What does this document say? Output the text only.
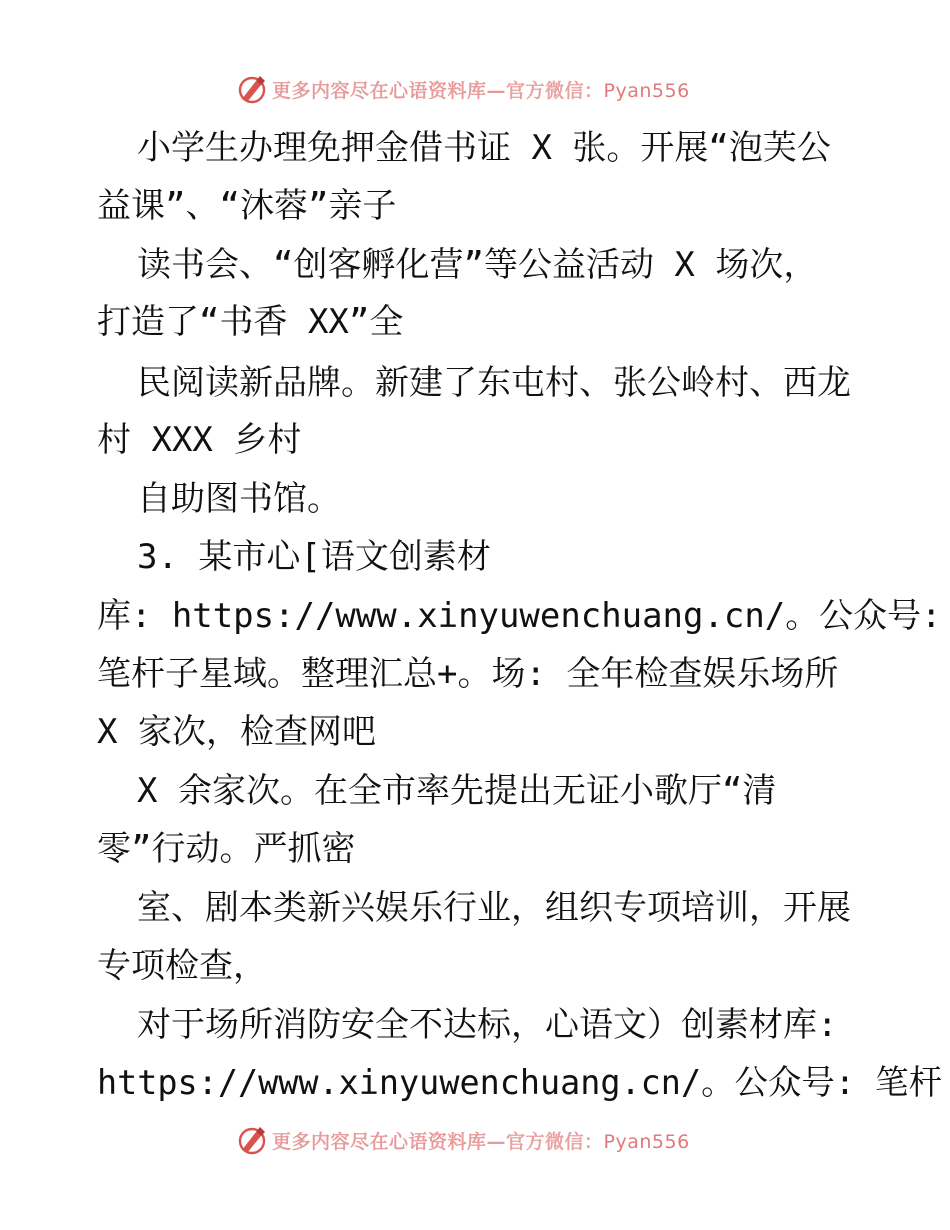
更多内容尽在心语资料库—官方微信：Pyan556
小学生办理免押金借书证 X 张。开展“泡芙公
益课”、“沐蓉”亲子
读书会、“创客孵化营”等公益活动 X 场次，
打造了“书香 XX”全
民阅读新品牌。新建了东屯村、张公岭村、西龙
村 XXX 乡村
自助图书馆。
3. 某市心[语文创素材
库: https://www.xinyuwenchuang.cn/。公众号:
笔杆子星域。整理汇总+。场: 全年检查娱乐场所
X 家次，检查网吧
X 余家次。在全市率先提出无证小歌厅“清
零”行动。严抓密
室、剧本类新兴娱乐行业，组织专项培训，开展
专项检查，
对于场所消防安全不达标，心语文）创素材库:
https://www.xinyuwenchuang.cn/。公众号: 笔杆
更多内容尽在心语资料库—官方微信：Pyan556
